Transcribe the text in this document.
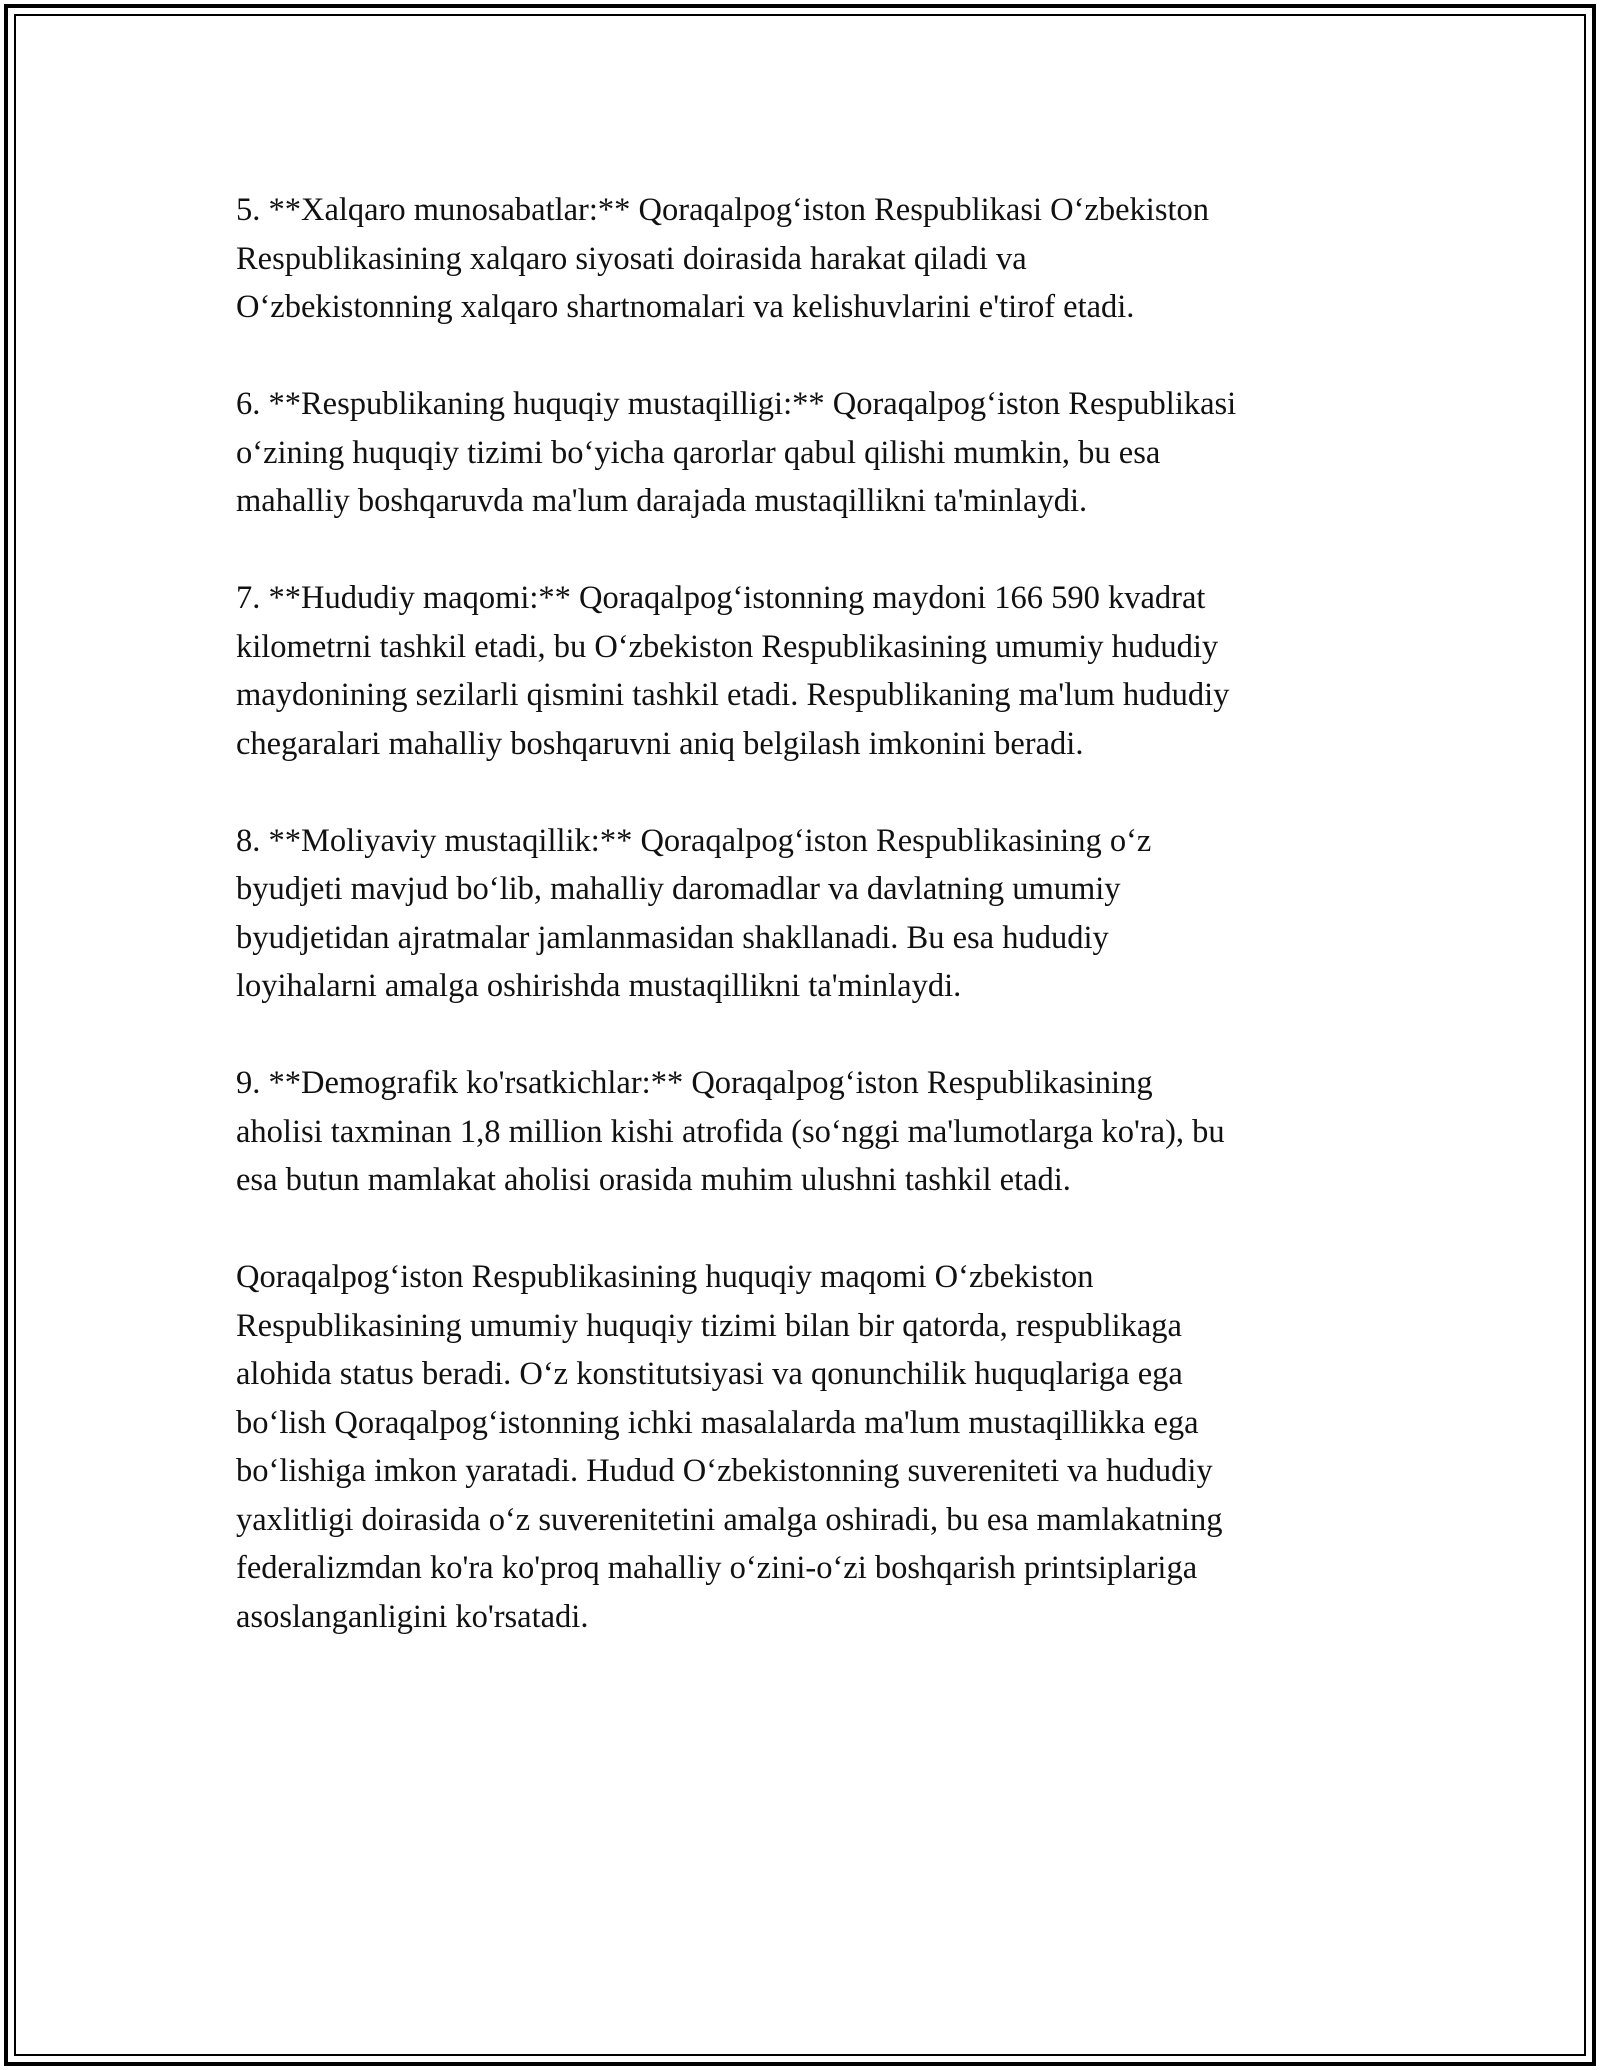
5. **Xalqaro munosabatlar:** Qoraqalpog‘iston Respublikasi O‘zbekiston
Respublikasining xalqaro siyosati doirasida harakat qiladi va
O‘zbekistonning xalqaro shartnomalari va kelishuvlarini e'tirof etadi.

6. **Respublikaning huquqiy mustaqilligi:** Qoraqalpog‘iston Respublikasi
o‘zining huquqiy tizimi bo‘yicha qarorlar qabul qilishi mumkin, bu esa
mahalliy boshqaruvda ma'lum darajada mustaqillikni ta'minlaydi.

7. **Hududiy maqomi:** Qoraqalpog‘istonning maydoni 166 590 kvadrat
kilometrni tashkil etadi, bu O‘zbekiston Respublikasining umumiy hududiy
maydonining sezilarli qismini tashkil etadi. Respublikaning ma'lum hududiy
chegaralari mahalliy boshqaruvni aniq belgilash imkonini beradi.

8. **Moliyaviy mustaqillik:** Qoraqalpog‘iston Respublikasining o‘z
byudjeti mavjud bo‘lib, mahalliy daromadlar va davlatning umumiy
byudjetidan ajratmalar jamlanmasidan shakllanadi. Bu esa hududiy
loyihalarni amalga oshirishda mustaqillikni ta'minlaydi.

9. **Demografik ko'rsatkichlar:** Qoraqalpog‘iston Respublikasining
aholisi taxminan 1,8 million kishi atrofida (so‘nggi ma'lumotlarga ko'ra), bu
esa butun mamlakat aholisi orasida muhim ulushni tashkil etadi.

Qoraqalpog‘iston Respublikasining huquqiy maqomi O‘zbekiston
Respublikasining umumiy huquqiy tizimi bilan bir qatorda, respublikaga
alohida status beradi. O‘z konstitutsiyasi va qonunchilik huquqlariga ega
bo‘lish Qoraqalpog‘istonning ichki masalalarda ma'lum mustaqillikka ega
bo‘lishiga imkon yaratadi. Hudud O‘zbekistonning suvereniteti va hududiy
yaxlitligi doirasida o‘z suverenitetini amalga oshiradi, bu esa mamlakatning
federalizmdan ko'ra ko'proq mahalliy o‘zini-o‘zi boshqarish printsiplariga
asoslanganligini ko'rsatadi.
